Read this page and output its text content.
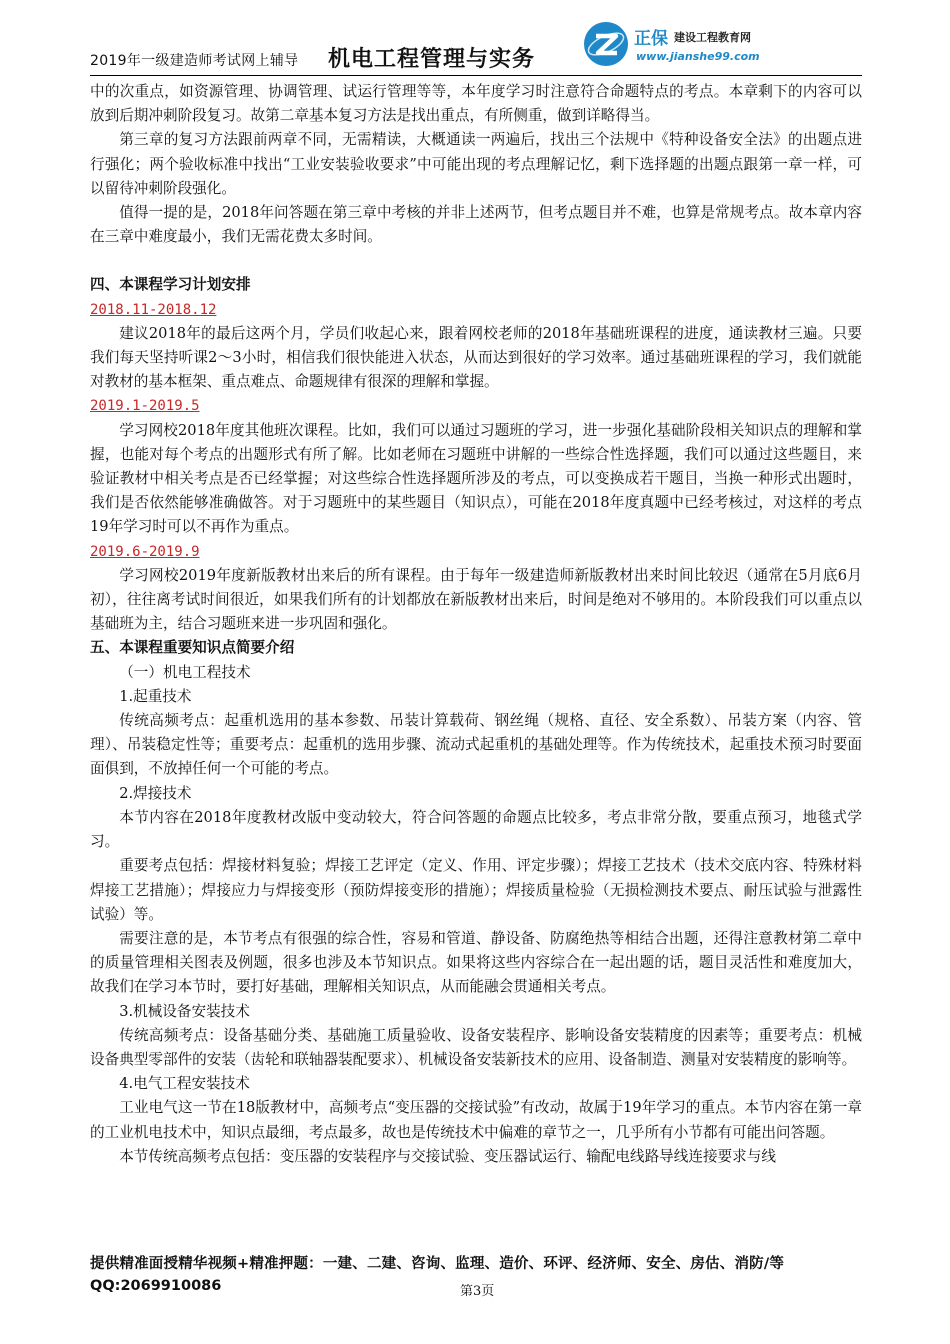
2019年一级建造师考试网上辅导 机电工程管理与实务
正保 建设工程教育网
www.jianshe99.com

中的次重点，如资源管理、协调管理、试运行管理等等，本年度学习时注意符合命题特点的考点。本章剩下的内容可以放到后期冲刺阶段复习。故第二章基本复习方法是找出重点，有所侧重，做到详略得当。

第三章的复习方法跟前两章不同，无需精读，大概通读一两遍后，找出三个法规中《特种设备安全法》的出题点进行强化；两个验收标准中找出“工业安装验收要求”中可能出现的考点理解记忆，剩下选择题的出题点跟第一章一样，可以留待冲刺阶段强化。

值得一提的是，2018年问答题在第三章中考核的并非上述两节，但考点题目并不难，也算是常规考点。故本章内容在三章中难度最小，我们无需花费太多时间。

四、本课程学习计划安排

2018.11-2018.12

建议2018年的最后这两个月，学员们收起心来，跟着网校老师的2018年基础班课程的进度，通读教材三遍。只要我们每天坚持听课2～3小时，相信我们很快能进入状态，从而达到很好的学习效率。通过基础班课程的学习，我们就能对教材的基本框架、重点难点、命题规律有很深的理解和掌握。

2019.1-2019.5

学习网校2018年度其他班次课程。比如，我们可以通过习题班的学习，进一步强化基础阶段相关知识点的理解和掌握，也能对每个考点的出题形式有所了解。比如老师在习题班中讲解的一些综合性选择题，我们可以通过这些题目，来验证教材中相关考点是否已经掌握；对这些综合性选择题所涉及的考点，可以变换成若干题目，当换一种形式出题时，我们是否依然能够准确做答。对于习题班中的某些题目（知识点），可能在2018年度真题中已经考核过，对这样的考点19年学习时可以不再作为重点。

2019.6-2019.9

学习网校2019年度新版教材出来后的所有课程。由于每年一级建造师新版教材出来时间比较迟（通常在5月底6月初），往往离考试时间很近，如果我们所有的计划都放在新版教材出来后，时间是绝对不够用的。本阶段我们可以重点以基础班为主，结合习题班来进一步巩固和强化。

五、本课程重要知识点简要介绍

（一）机电工程技术

1.起重技术

传统高频考点：起重机选用的基本参数、吊装计算载荷、钢丝绳（规格、直径、安全系数）、吊装方案（内容、管理）、吊装稳定性等；重要考点：起重机的选用步骤、流动式起重机的基础处理等。作为传统技术，起重技术预习时要面面俱到，不放掉任何一个可能的考点。

2.焊接技术

本节内容在2018年度教材改版中变动较大，符合问答题的命题点比较多，考点非常分散，要重点预习，地毯式学习。

重要考点包括：焊接材料复验；焊接工艺评定（定义、作用、评定步骤）；焊接工艺技术（技术交底内容、特殊材料焊接工艺措施）；焊接应力与焊接变形（预防焊接变形的措施）；焊接质量检验（无损检测技术要点、耐压试验与泄露性试验）等。

需要注意的是，本节考点有很强的综合性，容易和管道、静设备、防腐绝热等相结合出题，还得注意教材第二章中的质量管理相关图表及例题，很多也涉及本节知识点。如果将这些内容综合在一起出题的话，题目灵活性和难度加大，故我们在学习本节时，要打好基础，理解相关知识点，从而能融会贯通相关考点。

3.机械设备安装技术

传统高频考点：设备基础分类、基础施工质量验收、设备安装程序、影响设备安装精度的因素等；重要考点：机械设备典型零部件的安装（齿轮和联轴器装配要求）、机械设备安装新技术的应用、设备制造、测量对安装精度的影响等。

4.电气工程安装技术

工业电气这一节在18版教材中，高频考点“变压器的交接试验”有改动，故属于19年学习的重点。本节内容在第一章的工业机电技术中，知识点最细，考点最多，故也是传统技术中偏难的章节之一，几乎所有小节都有可能出问答题。

本节传统高频考点包括：变压器的安装程序与交接试验、变压器试运行、输配电线路导线连接要求与线

提供精准面授精华视频+精准押题：一建、二建、咨询、监理、造价、环评、经济师、安全、房估、消防/等
QQ:2069910086	第3页
